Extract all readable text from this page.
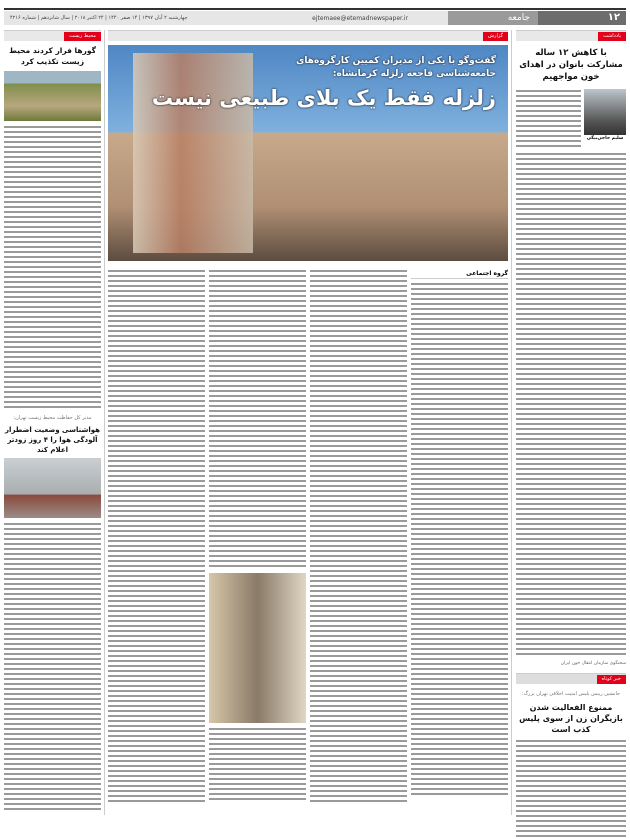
۱۲
جامعه
ejtemaee@etemadnewspaper.ir
چهارشنبه ۲ آبان ۱۳۹۷ | ۱۴ صفر ۱۴۴۰ | ۲۴ اکتبر ۲۰۱۸ | سال شانزدهم | شماره ۴۲۱۶
یادداشت
با کاهش ۱۲ ساله مشارکت بانوان در اهدای خون مواجهیم
سلیم حاجی‌بیگی
سخنگوی سازمان انتقال خون ایران
خبر کوتاه
جانشین رییس پلیس امنیت اخلاقی تهران بزرگ:
ممنوع الفعالیت شدن بازیگران زن از سوی پلیس کذب است
گزارش
گفت‌وگو با یکی از مدیران کمیین کارگروه‌های جامعه‌شناسی فاجعه زلزله کرمانشاه:
زلزله فقط یک بلای طبیعی نیست
گروه اجتماعی
محیط زیست
گورها فرار کردند محیط زیست تکذیب کرد
مدیر کل حفاظت محیط زیست تهران:
هواشناسی وضعیت اضطرار آلودگی هوا را ۴ روز زودتر اعلام کند
